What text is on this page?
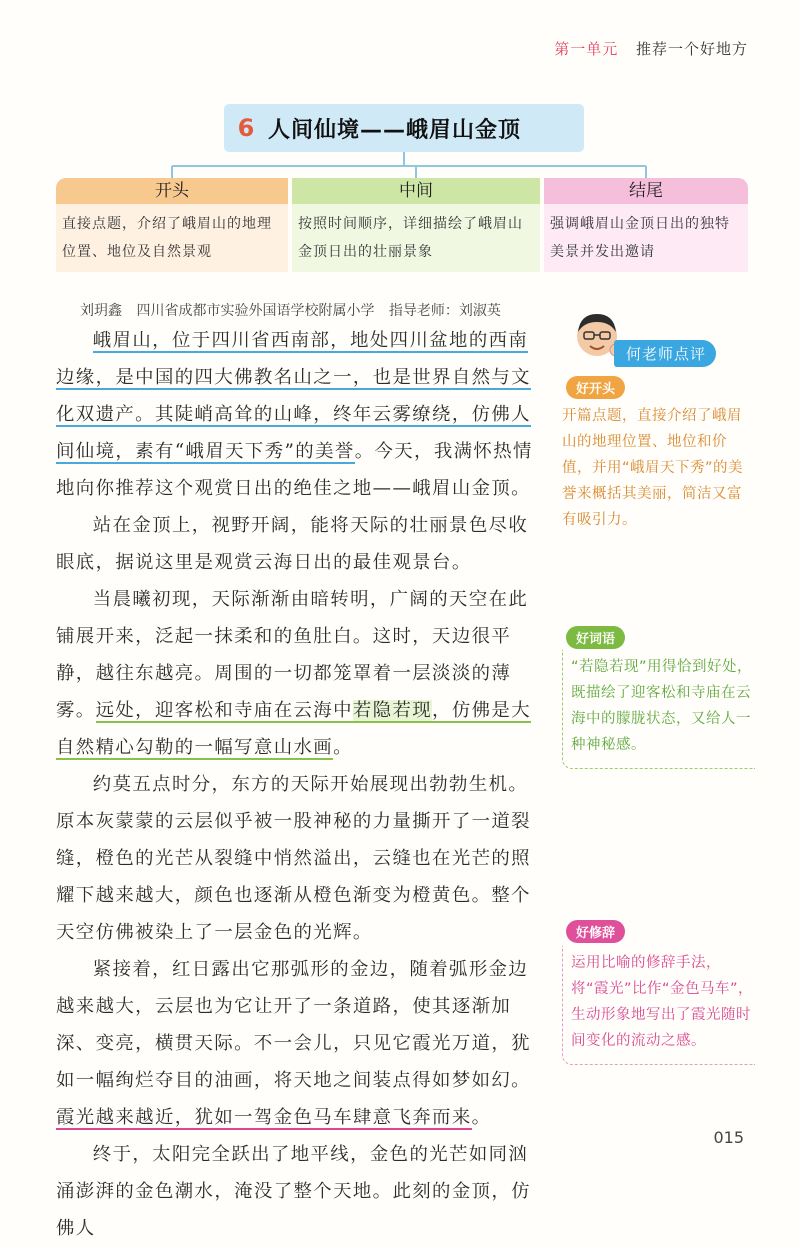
第一单元 推荐一个好地方
6 人间仙境——峨眉山金顶
开头
直接点题，介绍了峨眉山的地理位置、地位及自然景观
中间
按照时间顺序，详细描绘了峨眉山金顶日出的壮丽景象
结尾
强调峨眉山金顶日出的独特美景并发出邀请
刘玥鑫 四川省成都市实验外国语学校附属小学 指导老师：刘淑英

峨眉山，位于四川省西南部，地处四川盆地的西南边缘，是中国的四大佛教名山之一，也是世界自然与文化双遗产。其陡峭高耸的山峰，终年云雾缭绕，仿佛人间仙境，素有“峨眉天下秀”的美誉。今天，我满怀热情地向你推荐这个观赏日出的绝佳之地——峨眉山金顶。

站在金顶上，视野开阔，能将天际的壮丽景色尽收眼底，据说这里是观赏云海日出的最佳观景台。

当晨曦初现，天际渐渐由暗转明，广阔的天空在此铺展开来，泛起一抹柔和的鱼肚白。这时，天边很平静，越往东越亮。周围的一切都笼罩着一层淡淡的薄雾。远处，迎客松和寺庙在云海中若隐若现，仿佛是大自然精心勾勒的一幅写意山水画。

约莫五点时分，东方的天际开始展现出勃勃生机。原本灰蒙蒙的云层似乎被一股神秘的力量撕开了一道裂缝，橙色的光芒从裂缝中悄然溢出，云缝也在光芒的照耀下越来越大，颜色也逐渐从橙色渐变为橙黄色。整个天空仿佛被染上了一层金色的光辉。

紧接着，红日露出它那弧形的金边，随着弧形金边越来越大，云层也为它让开了一条道路，使其逐渐加深、变亮，横贯天际。不一会儿，只见它霞光万道，犹如一幅绚烂夺目的油画，将天地之间装点得如梦如幻。霞光越来越近，犹如一驾金色马车肆意飞奔而来。

终于，太阳完全跃出了地平线，金色的光芒如同汹涌澎湃的金色潮水，淹没了整个天地。此刻的金顶，仿佛人

何老师点评
好开头
开篇点题，直接介绍了峨眉山的地理位置、地位和价值，并用“峨眉天下秀”的美誉来概括其美丽，简洁又富有吸引力。
好词语
“若隐若现”用得恰到好处，既描绘了迎客松和寺庙在云海中的朦胧状态，又给人一种神秘感。
好修辞
运用比喻的修辞手法，将“霞光”比作“金色马车”，生动形象地写出了霞光随时间变化的流动之感。
015
